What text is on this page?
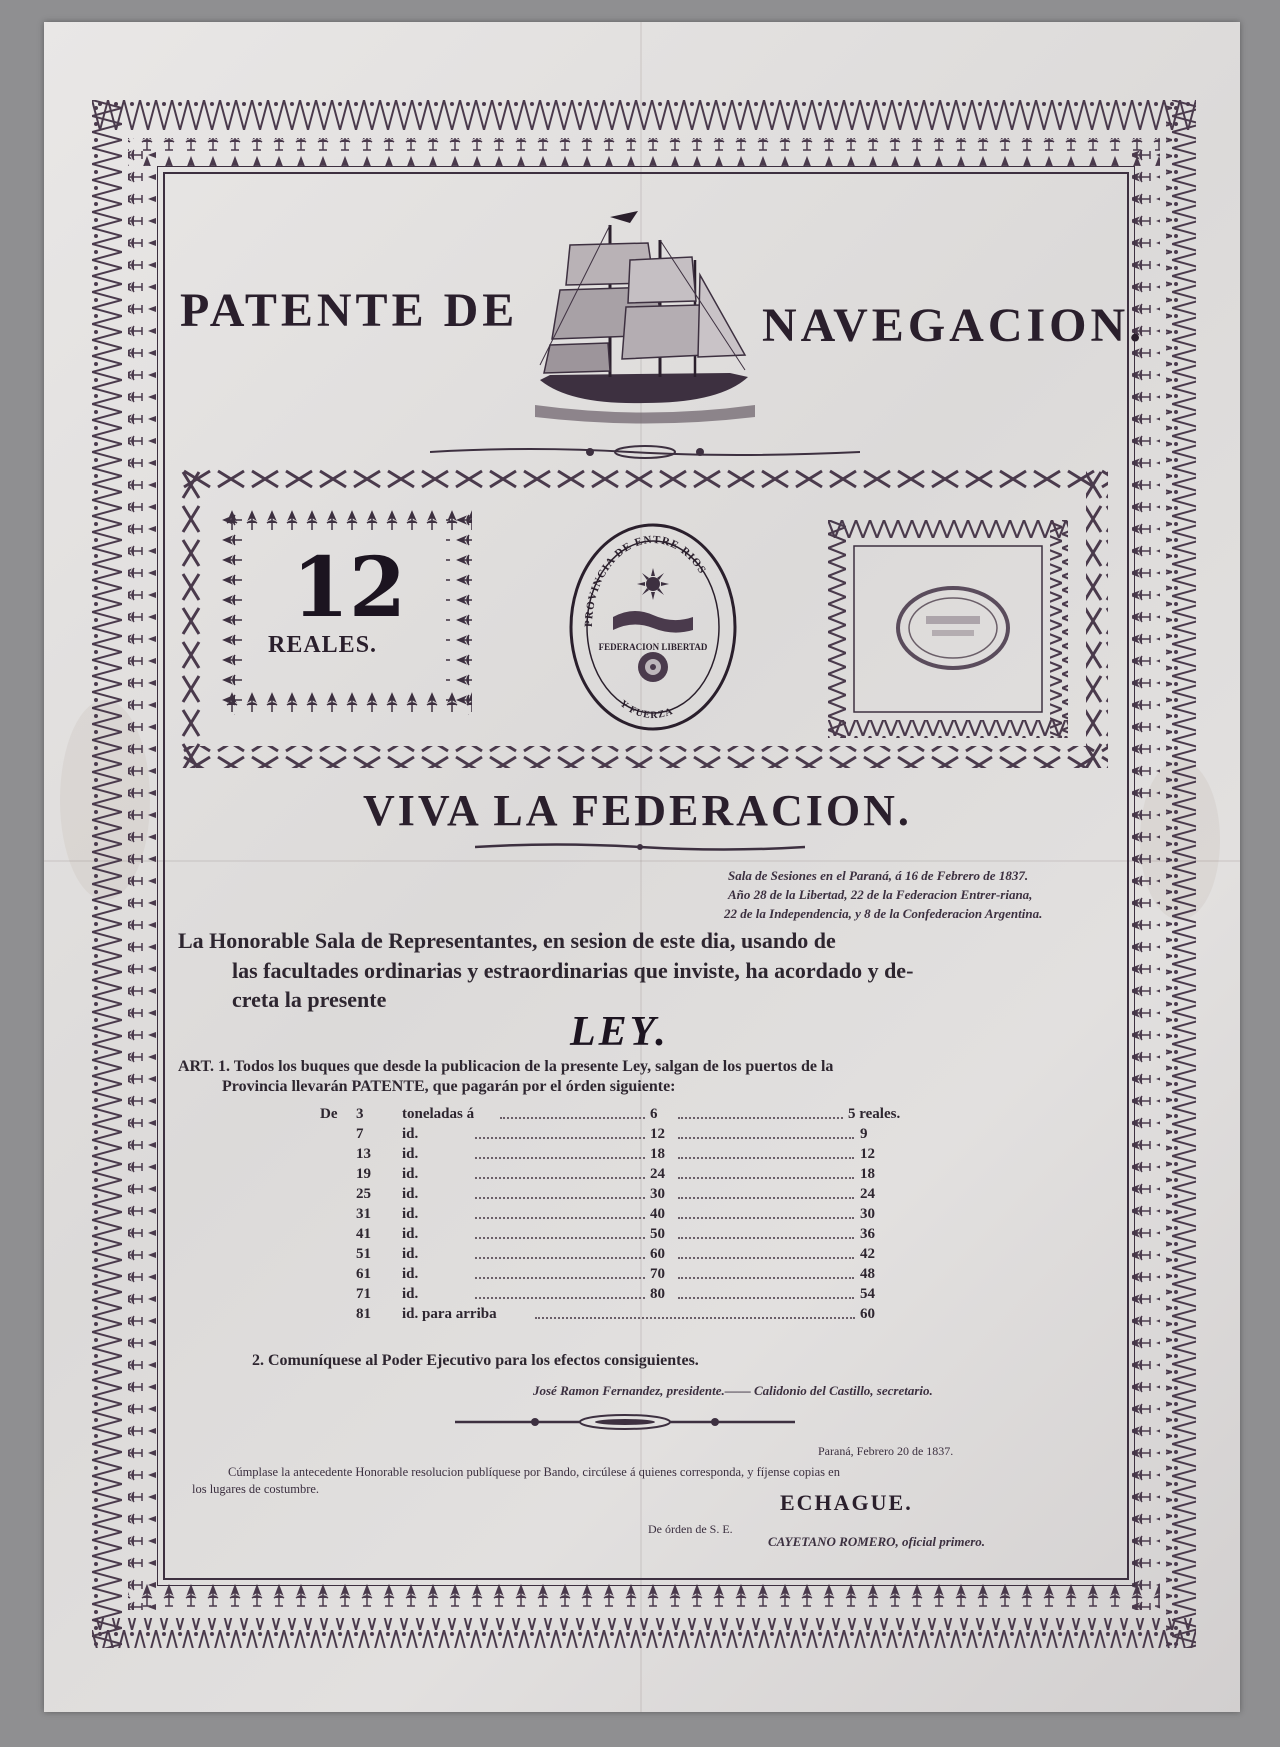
PATENTE DE	NAVEGACION.
12
REALES.
PROVINCIA DE ENTRE RIOS
FEDERACION LIBERTAD
Y FUERZA
VIVA LA FEDERACION.
Sala de Sesiones en el Paraná, á 16 de Febrero de 1837.
Año 28 de la Libertad, 22 de la Federacion Entrer-riana,
22 de la Independencia, y 8 de la Confederacion Argentina.
La Honorable Sala de Representantes, en sesion de este dia, usando de
las facultades ordinarias y estraordinarias que inviste, ha acordado y de-
creta la presente
LEY.
ART. 1. Todos los buques que desde la publicacion de la presente Ley, salgan de los puertos de la
Provincia llevarán PATENTE, que pagarán por el órden siguiente:
De 3	toneladas á	6	5 reales.
7	id.	12	9
13 id.	18	12
19 id.	24	18
25 id.	30	24
31 id.	40	30
41 id.	50	36
51 id.	60	42
61 id.	70	48
71 id.	80	54
81 id. para arriba	60
2. Comuníquese al Poder Ejecutivo para los efectos consiguientes.
José Ramon Fernandez, presidente.—— Calidonio del Castillo, secretario.
Paraná, Febrero 20 de 1837.
Cúmplase la antecedente Honorable resolucion publíquese por Bando, circúlese á quienes corresponda, y fíjense copias en
los lugares de costumbre.
ECHAGUE.
De órden de S. E.
CAYETANO ROMERO, oficial primero.
